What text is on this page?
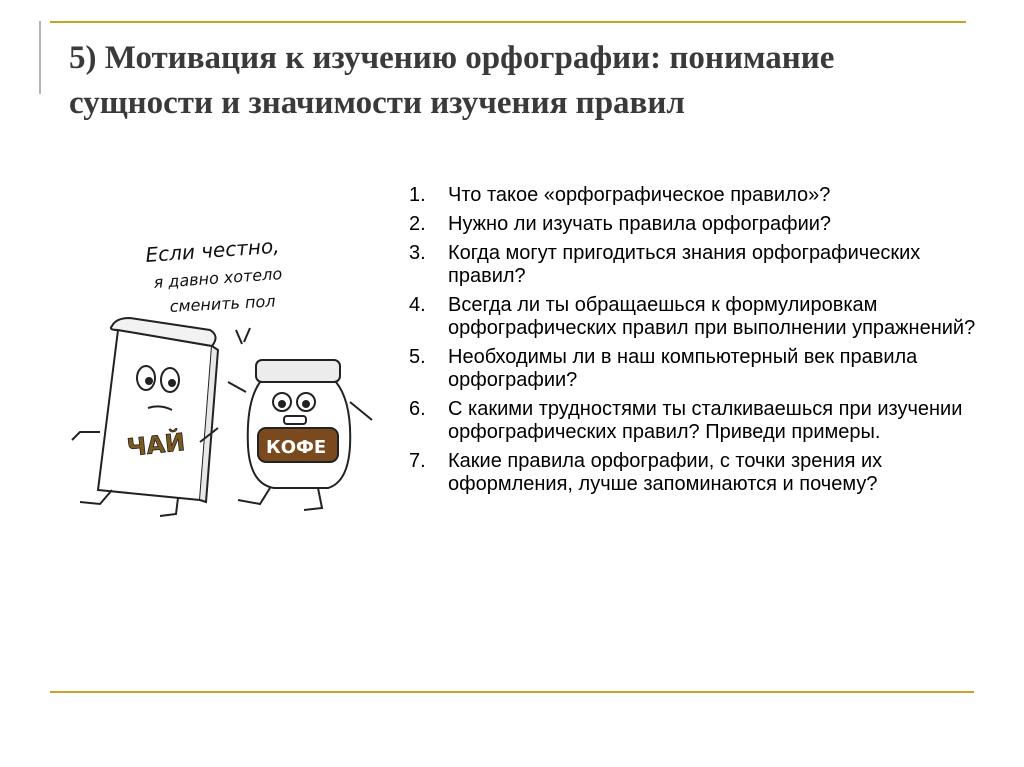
5) Мотивация к изучению орфографии: понимание сущности и значимости изучения правил
Если честно,
я давно хотело
сменить пол
ЧАЙ	КОФЕ
1. Что такое «орфографическое правило»?
2. Нужно ли изучать правила орфографии?
3. Когда могут пригодиться знания орфографических правил?
4. Всегда ли ты обращаешься к формулировкам орфографических правил при выполнении упражнений?
5. Необходимы ли в наш компьютерный век правила орфографии?
6. С какими трудностями ты сталкиваешься при изучении орфографических правил? Приведи примеры.
7. Какие правила орфографии, с точки зрения их оформления, лучше запоминаются и почему?
